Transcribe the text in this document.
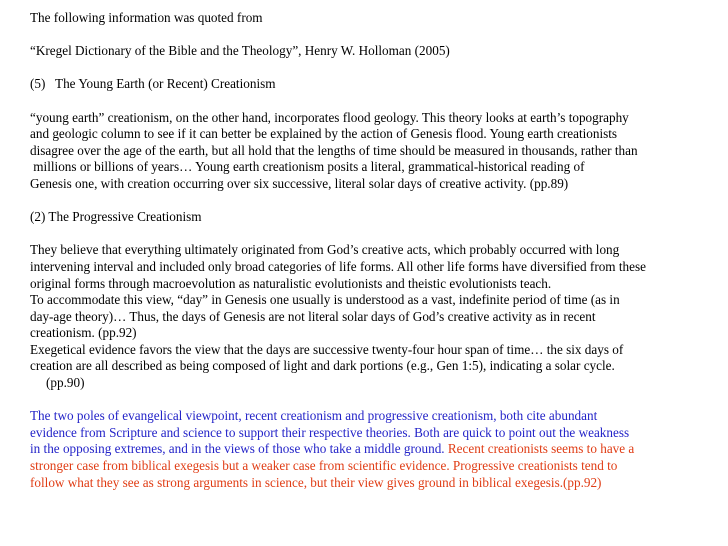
The following information was quoted from
“Kregel Dictionary of the Bible and the Theology”, Henry W. Holloman (2005)
(5)   The Young Earth (or Recent) Creationism
“young earth” creationism, on the other hand, incorporates flood geology. This theory looks at earth’s topography
and geologic column to see if it can better be explained by the action of Genesis flood. Young earth creationists
disagree over the age of the earth, but all hold that the lengths of time should be measured in thousands, rather than
millions or billions of years… Young earth creationism posits a literal, grammatical-historical reading of
Genesis one, with creation occurring over six successive, literal solar days of creative activity. (pp.89)
(2) The Progressive Creationism
They believe that everything ultimately originated from God’s creative acts, which probably occurred with long
intervening interval and included only broad categories of life forms. All other life forms have diversified from these
original forms through macroevolution as naturalistic evolutionists and theistic evolutionists teach.
To accommodate this view, “day” in Genesis one usually is understood as a vast, indefinite period of time (as in
day-age theory)… Thus, the days of Genesis are not literal solar days of God’s creative activity as in recent
creationism. (pp.92)
Exegetical evidence favors the view that the days are successive twenty-four hour span of time… the six days of
creation are all described as being composed of light and dark portions (e.g., Gen 1:5), indicating a solar cycle.
(pp.90)
The two poles of evangelical viewpoint, recent creationism and progressive creationism, both cite abundant
evidence from Scripture and science to support their respective theories. Both are quick to point out the weakness
in the opposing extremes, and in the views of those who take a middle ground. Recent creationists seems to have a
stronger case from biblical exegesis but a weaker case from scientific evidence. Progressive creationists tend to
follow what they see as strong arguments in science, but their view gives ground in biblical exegesis.(pp.92)
